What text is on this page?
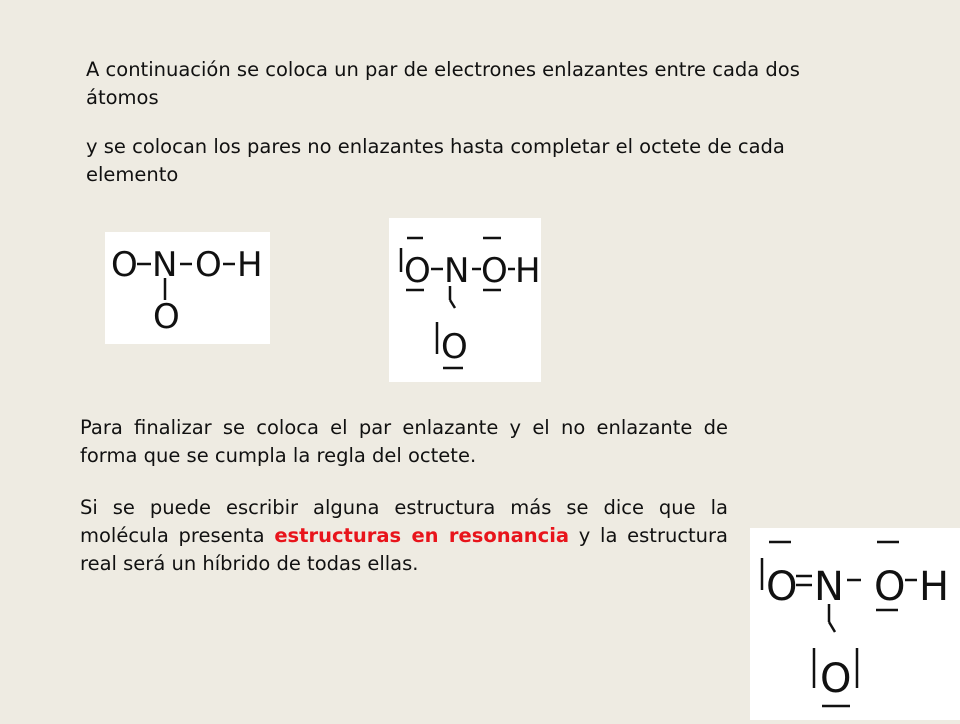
A continuación se coloca un par de electrones enlazantes entre cada dos átomos

y se colocan los pares no enlazantes hasta completar el octete de cada elemento

O N O H
O
O N O H
O

Para finalizar se coloca el par enlazante y el no enlazante de forma que se cumpla la regla del octete.

Si se puede escribir alguna estructura más se dice que la molécula presenta estructuras en resonancia y la estructura real será un híbrido de todas ellas.

O N O H
O
